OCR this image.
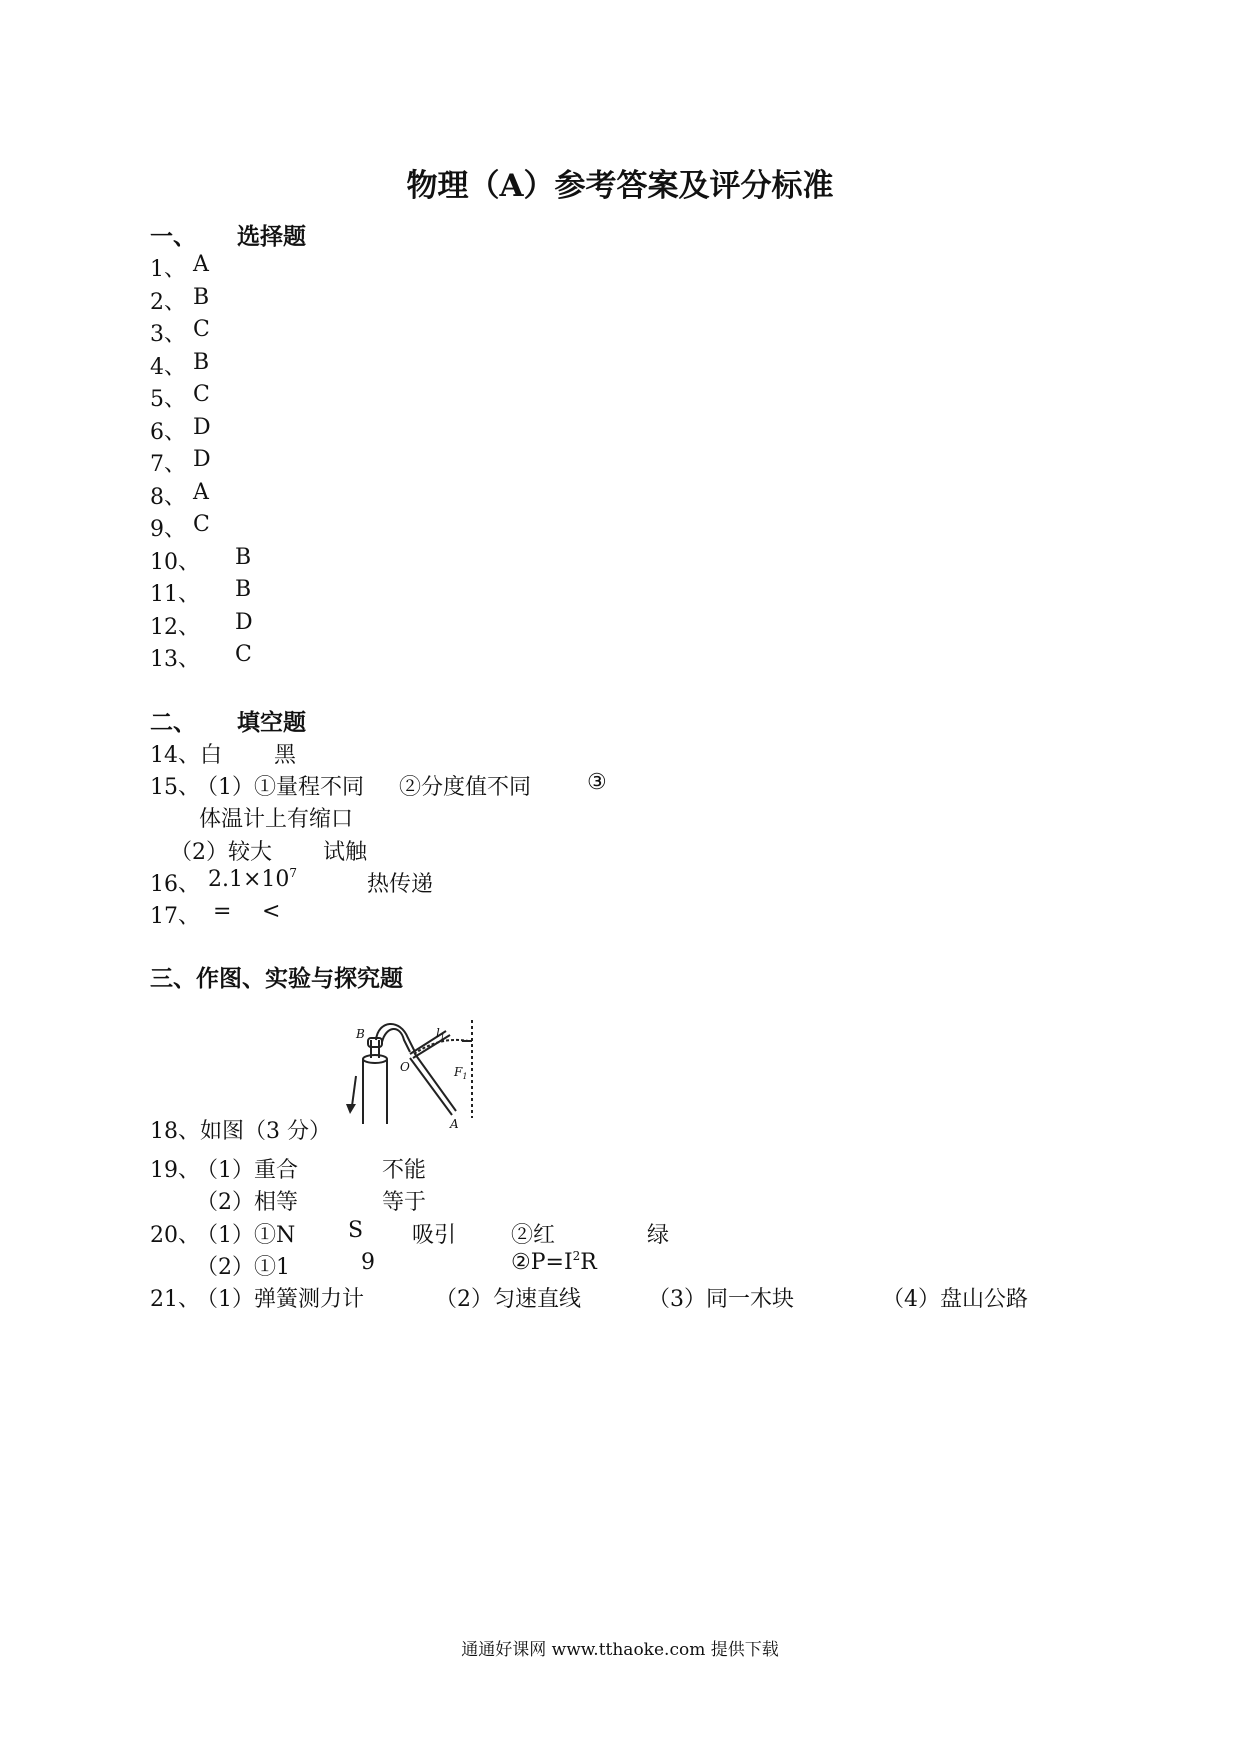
物理（A）参考答案及评分标准
一、 选择题
1、 A
2、 B
3、 C
4、 B
5、 C
6、 D
7、 D
8、 A
9、 C
10、 B
11、 B
12、 D
13、 C
二、 填空题
14、 白 黑
15、
（1）①量程不同 ②分度值不同	③
体温计上有缩口
（2）较大 试触
16、 $2.1\times 10^7$	热传递
17、 = <
三、作图、实验与探究题
B
O
A
$l_1$
$F_1$
18、如图（3 分）
19、
（1）重合	不能
（2）相等	等于
20、
（1）①N S 吸引 ②红	绿
（2）①1	9	$②P=I^2R$
21、
（1）弹簧测力计	（2）匀速直线	（3）同一木块	（4）盘山公路
通通好课网 www.tthaoke.com 提供下载
